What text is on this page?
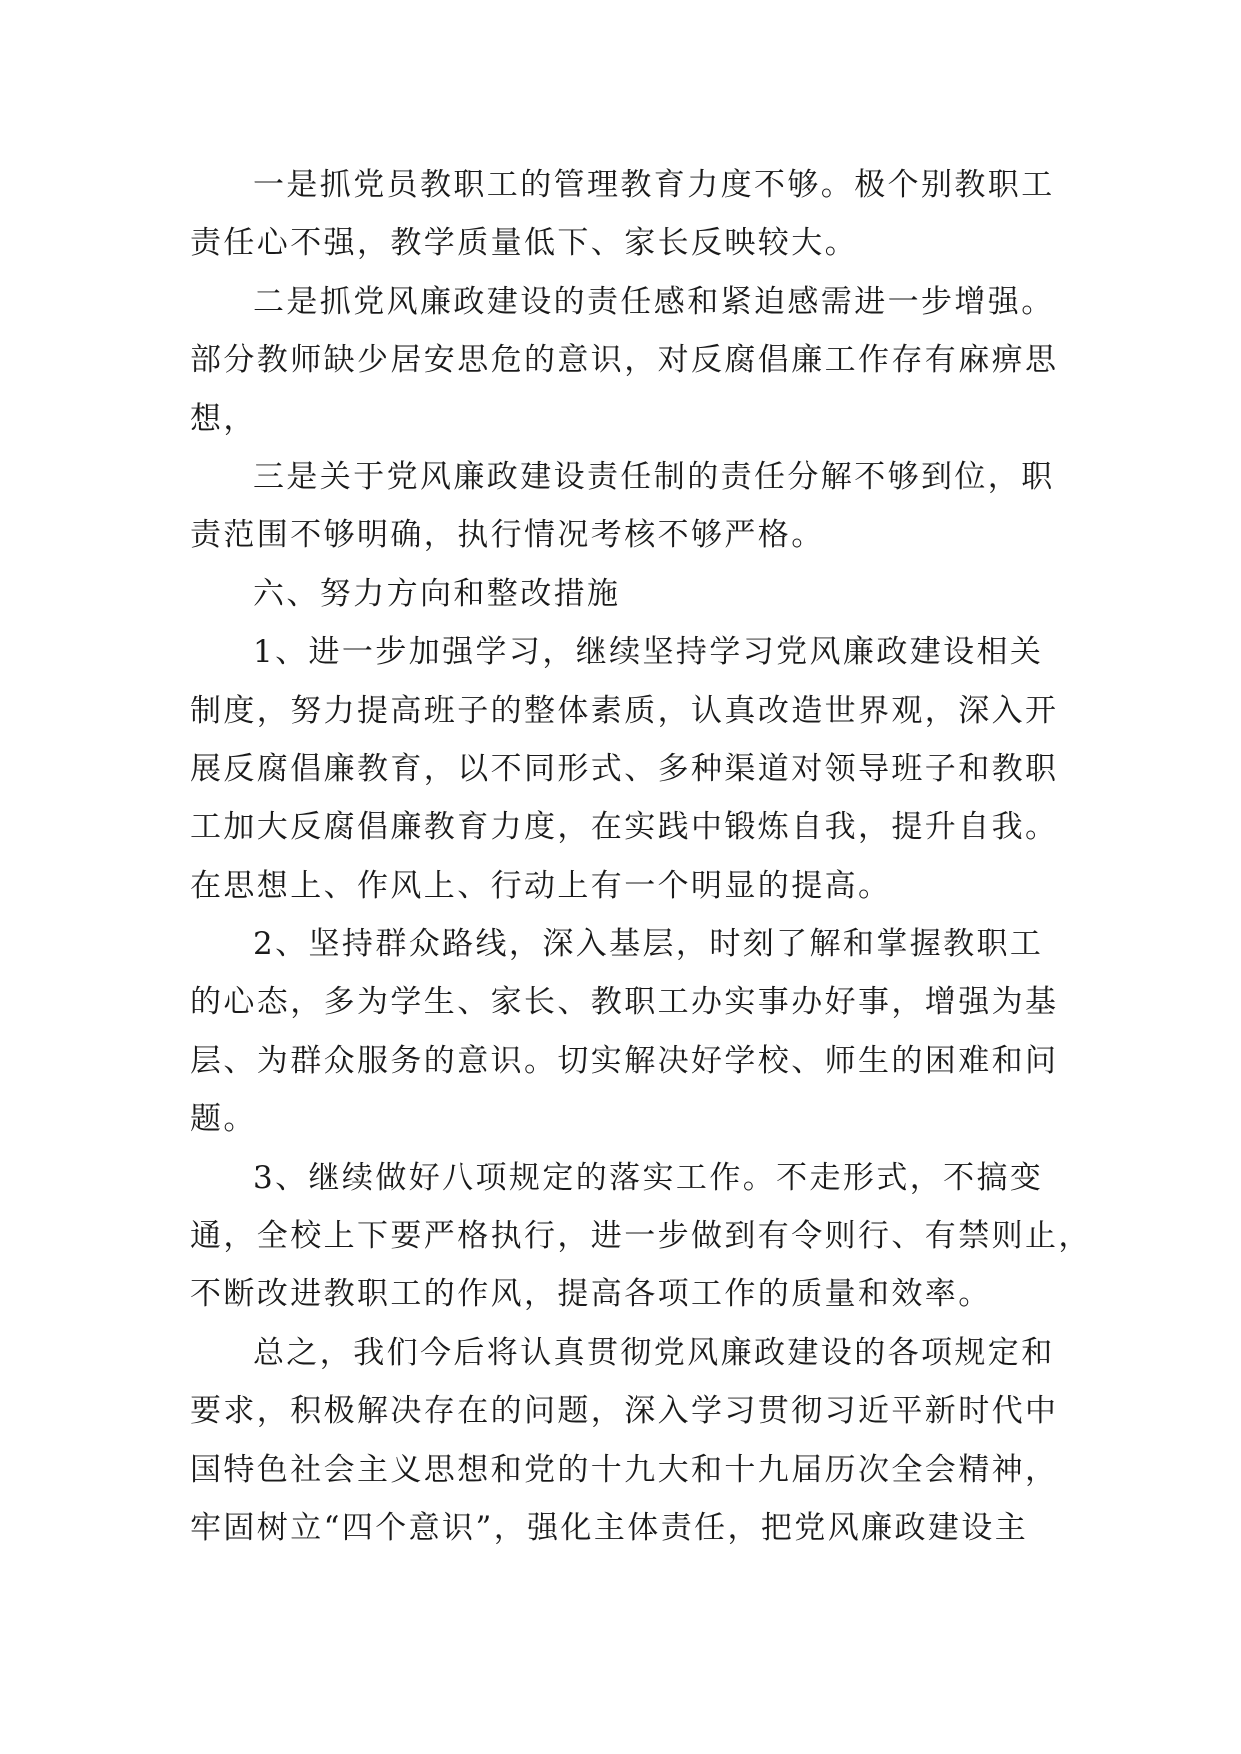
一是抓党员教职工的管理教育力度不够。极个别教职工
责任心不强，教学质量低下、家长反映较大。
二是抓党风廉政建设的责任感和紧迫感需进一步增强。
部分教师缺少居安思危的意识，对反腐倡廉工作存有麻痹思
想，
三是关于党风廉政建设责任制的责任分解不够到位，职
责范围不够明确，执行情况考核不够严格。
六、努力方向和整改措施
1、进一步加强学习，继续坚持学习党风廉政建设相关
制度，努力提高班子的整体素质，认真改造世界观，深入开
展反腐倡廉教育，以不同形式、多种渠道对领导班子和教职
工加大反腐倡廉教育力度，在实践中锻炼自我，提升自我。
在思想上、作风上、行动上有一个明显的提高。
2、坚持群众路线，深入基层，时刻了解和掌握教职工
的心态，多为学生、家长、教职工办实事办好事，增强为基
层、为群众服务的意识。切实解决好学校、师生的困难和问
题。
3、继续做好八项规定的落实工作。不走形式，不搞变
通，全校上下要严格执行，进一步做到有令则行、有禁则止，
不断改进教职工的作风，提高各项工作的质量和效率。
总之，我们今后将认真贯彻党风廉政建设的各项规定和
要求，积极解决存在的问题，深入学习贯彻习近平新时代中
国特色社会主义思想和党的十九大和十九届历次全会精神，
牢固树立“四个意识”，强化主体责任，把党风廉政建设主
